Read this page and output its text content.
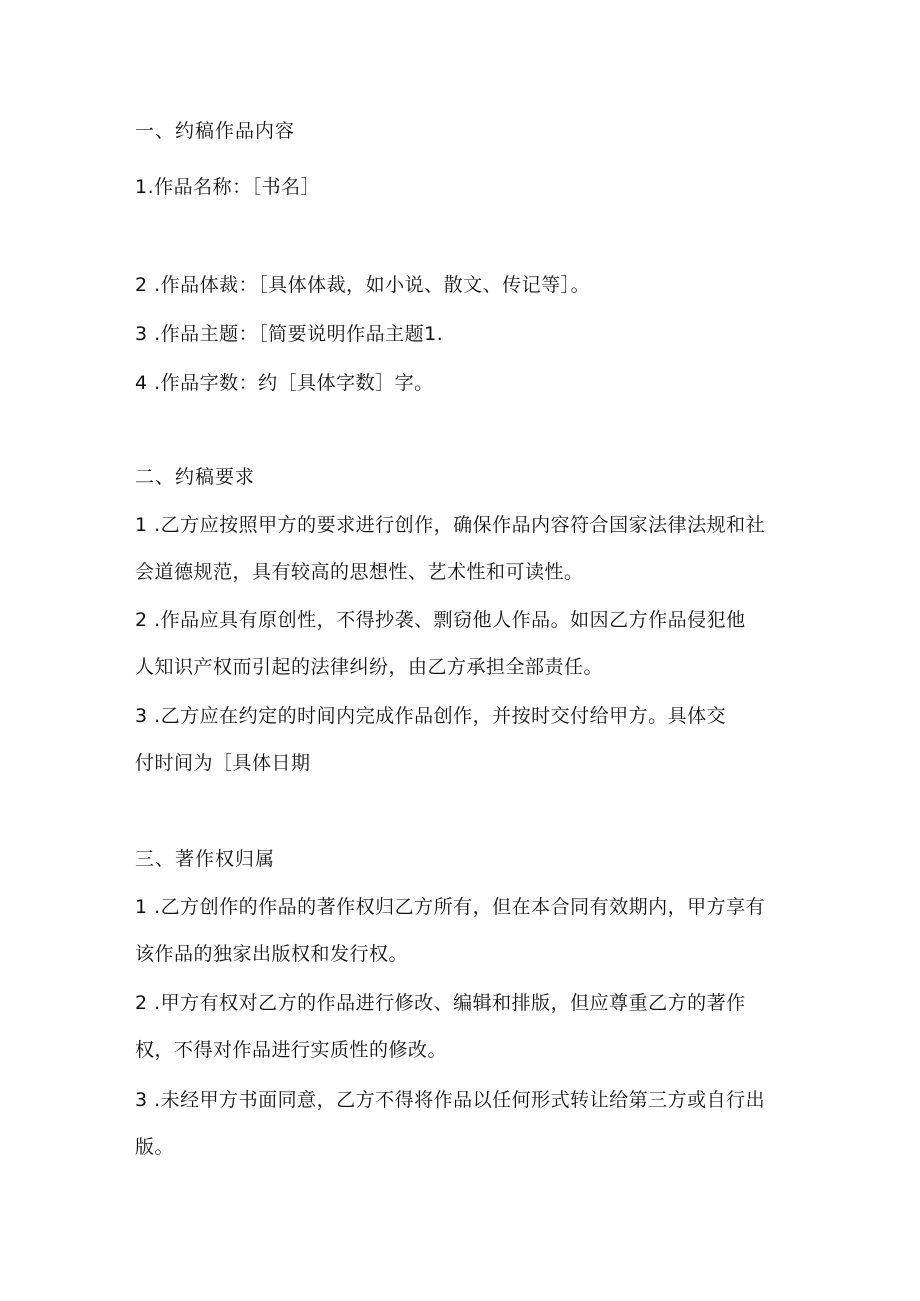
一、约稿作品内容
1.作品名称：［书名］
2 .作品体裁：［具体体裁，如小说、散文、传记等］。
3 .作品主题：［简要说明作品主题1.
4 .作品字数：约［具体字数］字。
二、约稿要求
1 .乙方应按照甲方的要求进行创作，确保作品内容符合国家法律法规和社
会道德规范，具有较高的思想性、艺术性和可读性。
2 .作品应具有原创性，不得抄袭、剽窃他人作品。如因乙方作品侵犯他
人知识产权而引起的法律纠纷，由乙方承担全部责任。
3 .乙方应在约定的时间内完成作品创作，并按时交付给甲方。具体交
付时间为［具体日期
三、著作权归属
1 .乙方创作的作品的著作权归乙方所有，但在本合同有效期内，甲方享有
该作品的独家出版权和发行权。
2 .甲方有权对乙方的作品进行修改、编辑和排版，但应尊重乙方的著作
权，不得对作品进行实质性的修改。
3 .未经甲方书面同意，乙方不得将作品以任何形式转让给第三方或自行出
版。
